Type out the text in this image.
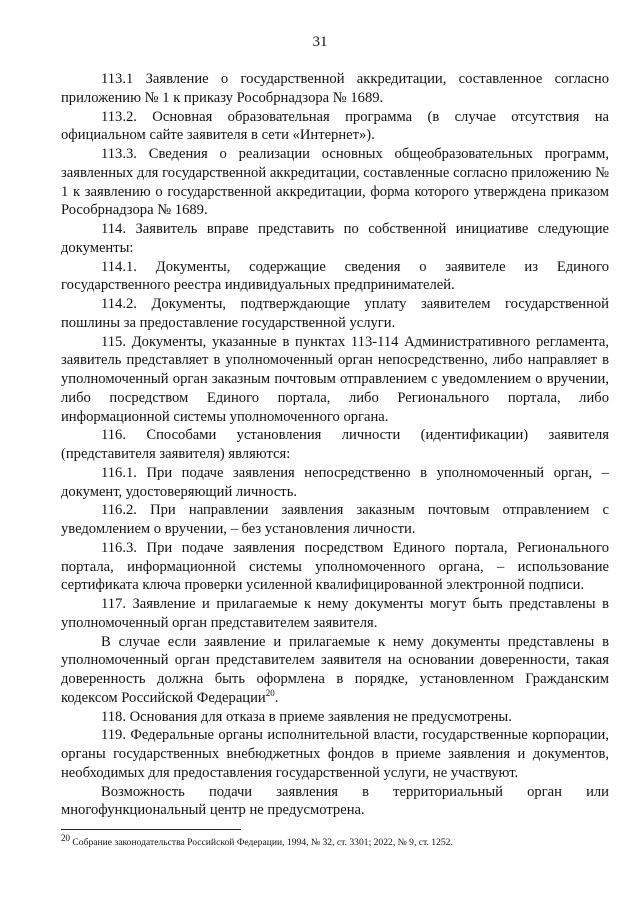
31

113.1 Заявление о государственной аккредитации, составленное согласно приложению № 1 к приказу Рособрнадзора № 1689.

113.2. Основная образовательная программа (в случае отсутствия на официальном сайте заявителя в сети «Интернет»).

113.3. Сведения о реализации основных общеобразовательных программ, заявленных для государственной аккредитации, составленные согласно приложению № 1 к заявлению о государственной аккредитации, форма которого утверждена приказом Рособрнадзора № 1689.

114. Заявитель вправе представить по собственной инициативе следующие документы:

114.1. Документы, содержащие сведения о заявителе из Единого государственного реестра индивидуальных предпринимателей.

114.2. Документы, подтверждающие уплату заявителем государственной пошлины за предоставление государственной услуги.

115. Документы, указанные в пунктах 113-114 Административного регламента, заявитель представляет в уполномоченный орган непосредственно, либо направляет в уполномоченный орган заказным почтовым отправлением с уведомлением о вручении, либо посредством Единого портала, либо Регионального портала, либо информационной системы уполномоченного органа.

116. Способами установления личности (идентификации) заявителя (представителя заявителя) являются:

116.1. При подаче заявления непосредственно в уполномоченный орган, – документ, удостоверяющий личность.

116.2. При направлении заявления заказным почтовым отправлением с уведомлением о вручении, – без установления личности.

116.3. При подаче заявления посредством Единого портала, Регионального портала, информационной системы уполномоченного органа, – использование сертификата ключа проверки усиленной квалифицированной электронной подписи.

117. Заявление и прилагаемые к нему документы могут быть представлены в уполномоченный орган представителем заявителя.

В случае если заявление и прилагаемые к нему документы представлены в уполномоченный орган представителем заявителя на основании доверенности, такая доверенность должна быть оформлена в порядке, установленном Гражданским кодексом Российской Федерации$^{20}$.

118. Основания для отказа в приеме заявления не предусмотрены.

119. Федеральные органы исполнительной власти, государственные корпорации, органы государственных внебюджетных фондов в приеме заявления и документов, необходимых для предоставления государственной услуги, не участвуют.

Возможность подачи заявления в территориальный орган или многофункциональный центр не предусмотрена.

$^{20}$ Собрание законодательства Российской Федерации, 1994, № 32, ст. 3301; 2022, № 9, ст. 1252.
